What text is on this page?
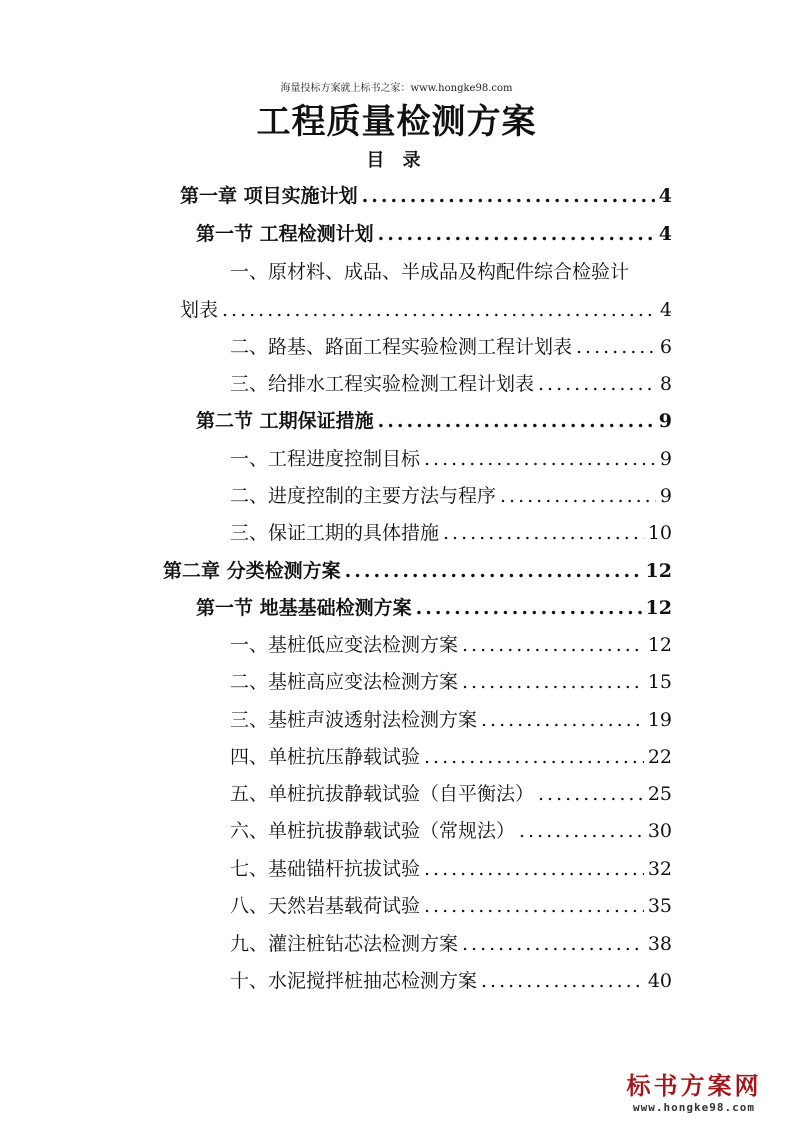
海量投标方案就上标书之家：www.hongke98.com
工程质量检测方案
目 录
第一章 项目实施计划 .....	4
第一节 工程检测计划 .....	4
一、原材料、成品、半成品及构配件综合检验计
划表 .....	4
二、路基、路面工程实验检测工程计划表 .....	6
三、给排水工程实验检测工程计划表 .....	8
第二节 工期保证措施 .....	9
一、工程进度控制目标 .....	9
二、进度控制的主要方法与程序 .....	9
三、保证工期的具体措施 .....	10
第二章 分类检测方案 .....	12
第一节 地基基础检测方案 .....	12
一、基桩低应变法检测方案 .....	12
二、基桩高应变法检测方案 .....	15
三、基桩声波透射法检测方案 .....	19
四、单桩抗压静载试验 .....	22
五、单桩抗拔静载试验（自平衡法） .....	25
六、单桩抗拔静载试验（常规法） .....	30
七、基础锚杆抗拔试验 .....	32
八、天然岩基载荷试验 .....	35
九、灌注桩钻芯法检测方案 .....	38
十、水泥搅拌桩抽芯检测方案 .....	40
标书方案网
www.hongke98.com
